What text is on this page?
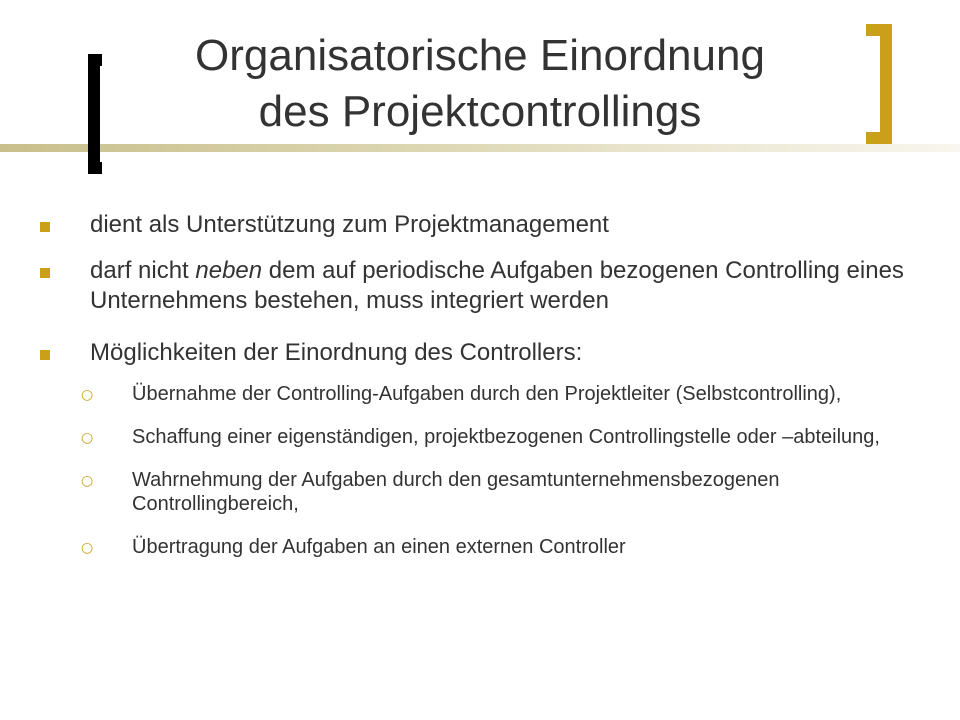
Organisatorische Einordnung
des Projektcontrollings
dient als Unterstützung zum Projektmanagement
darf nicht neben dem auf periodische Aufgaben bezogenen Controlling eines Unternehmens bestehen, muss integriert werden
Möglichkeiten der Einordnung des Controllers:
○ Übernahme der Controlling-Aufgaben durch den Projektleiter (Selbstcontrolling),
○ Schaffung einer eigenständigen, projektbezogenen Controllingstelle oder –abteilung,
○ Wahrnehmung der Aufgaben durch den gesamtunternehmensbezogenen Controllingbereich,
○ Übertragung der Aufgaben an einen externen Controller
